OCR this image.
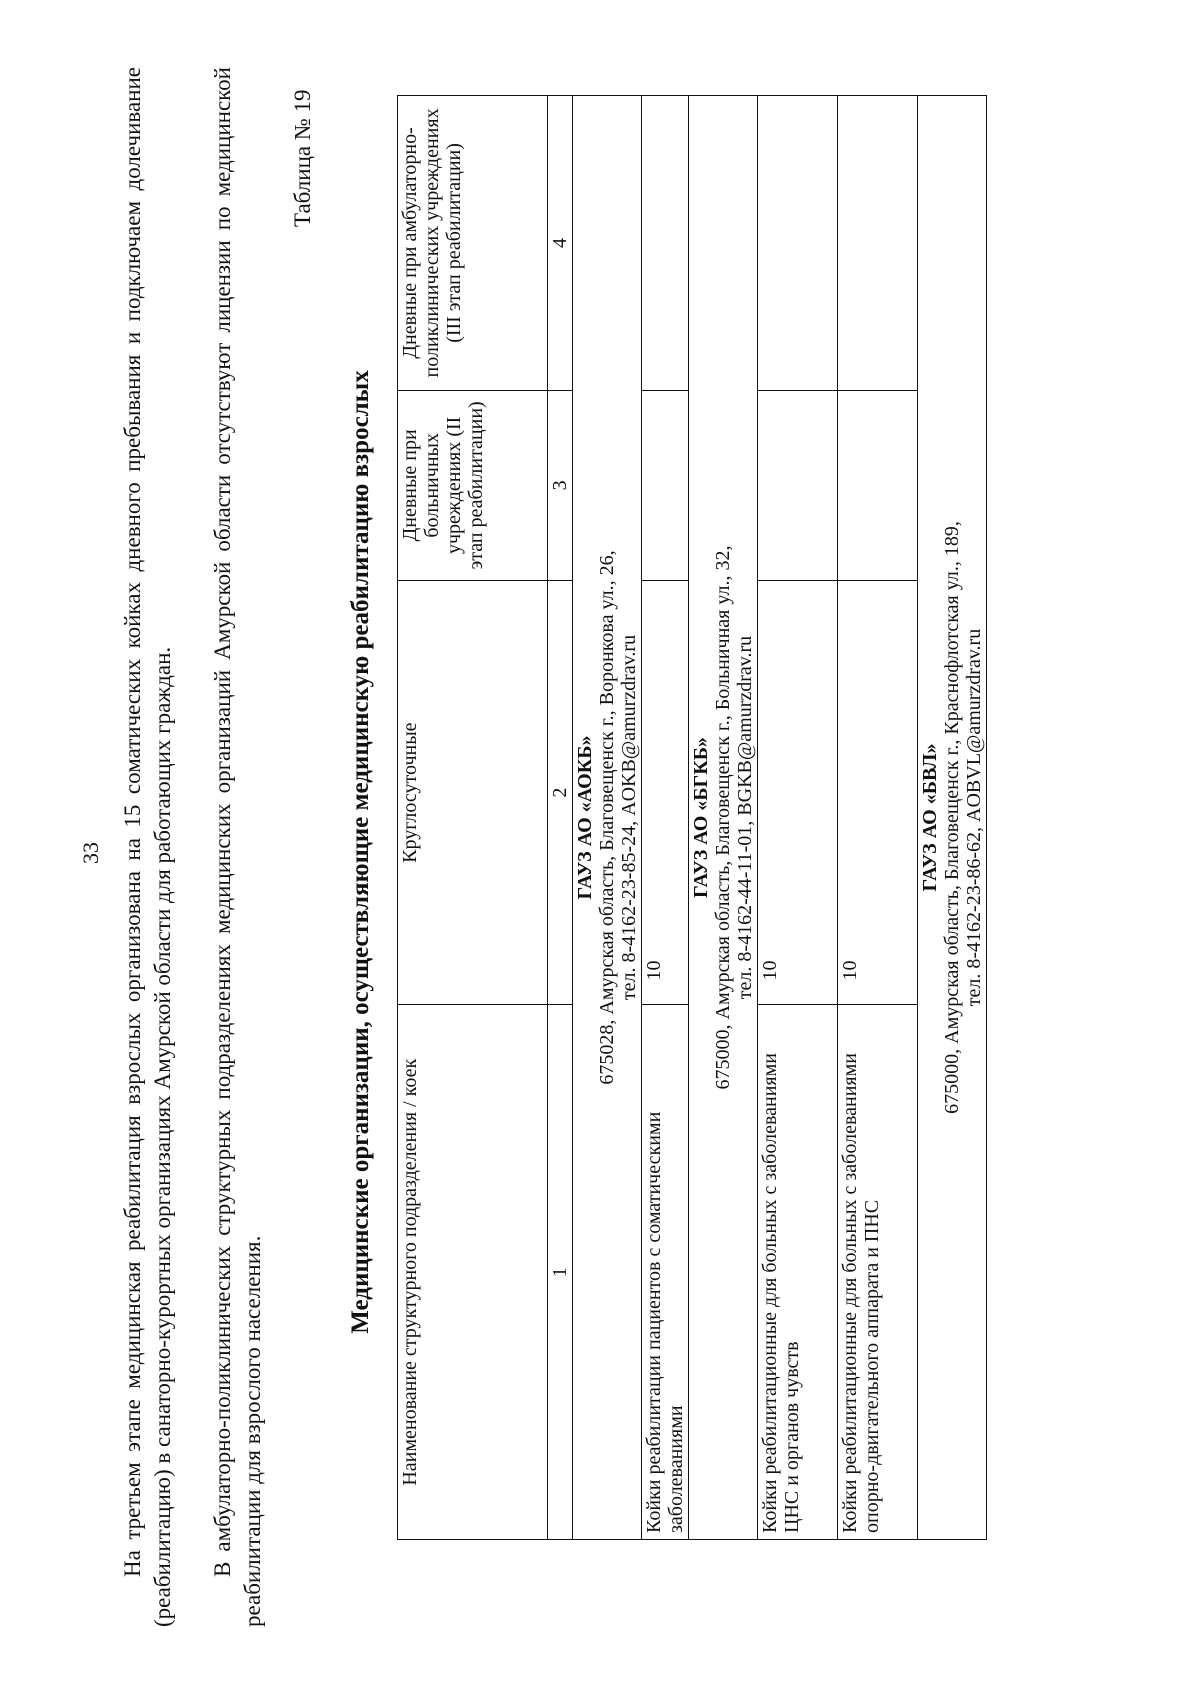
33 На третьем этапе медицинская реабилитация взрослых организована на 15 соматических койках дневного пребывания и подключаем долечивание (реабилитацию) в санаторно-курортных организациях Амурской области для работающих граждан. В амбулаторно-поликлинических структурных подразделениях медицинских организаций Амурской области отсутствуют лицензии по медицинской реабилитации для взрослого населения.
Таблица № 19
Медицинские организации, осуществляющие медицинскую реабилитацию взрослых Наименование структурного подразделения / коек	Круглосуточные	Дневные при больничных учреждениях (II этап реабилитации)	Дневные при амбулаторно-поликлинических учреждениях (III этап реабилитации)
1	2	3	4

ГАУЗ АО «АОКБ» 675028, Амурская область, Благовещенск г., Воронкова ул., 26, тел. 8-4162-23-85-24, AOKB@amurzdrav.ru			

Койки реабилитации пациентов с соматическими заболеваниями	10		

ГАУЗ АО «БГКБ» 675000, Амурская область, Благовещенск г., Больничная ул., 32, тел. 8-4162-44-11-01, BGKB@amurzdrav.ru			

Койки реабилитационные для больных с заболеваниями ЦНС и органов чувств	10		
Койки реабилитационные для больных с заболеваниями опорно-двигательного аппарата и ПНС	10		

ГАУЗ АО «БВЛ» 675000, Амурская область, Благовещенск г., Краснофлотская ул., 189, тел. 8-4162-23-86-62, AOBVL@amurzdrav.ru			
